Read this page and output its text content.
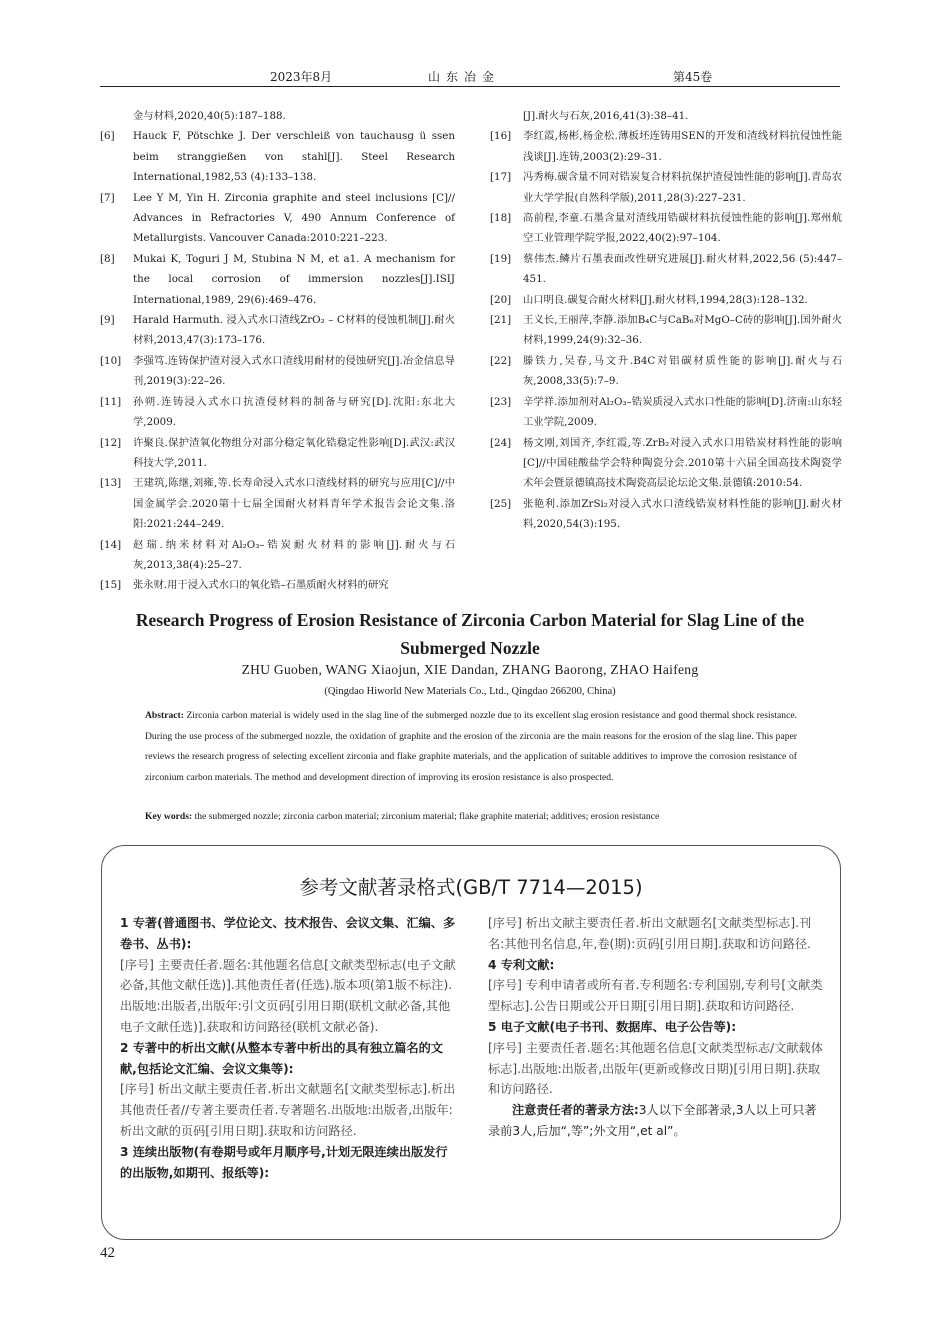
2023年8月	山东冶金	第45卷
金与材料,2020,40(5):187–188.
[6]	Hauck F, Pötschke J. Der verschleiß von tauchausg ü ssen beim stranggießen von stahl[J]. Steel Research International,1982,53 (4):133–138.
[7]	Lee Y M, Yin H. Zirconia graphite and steel inclusions [C]// Advances in Refractories V, 490 Annum Conference of Metallurgists. Vancouver Canada:2010:221–223.
[8]	Mukai K, Toguri J M, Stubina N M, et a1. A mechanism for the local corrosion of immersion nozzles[J].ISIJ International,1989, 29(6):469–476.
[9]	Harald Harmuth. 浸入式水口渣线ZrO₂ – C材料的侵蚀机制[J].耐火材料,2013,47(3):173–176.
[10]	李强笃.连铸保护渣对浸入式水口渣线用耐材的侵蚀研究[J].冶金信息导刊,2019(3):22–26.
[11]	孙朔.连铸浸入式水口抗渣侵材料的制备与研究[D].沈阳:东北大学,2009.
[12]	许聚良.保护渣氧化物组分对部分稳定氧化锆稳定性影响[D].武汉:武汉科技大学,2011.
[13]	王建筑,陈继,刘雍,等.长寿命浸入式水口渣线材料的研究与应用[C]//中国金属学会.2020第十七届全国耐火材料青年学术报告会论文集.洛阳:2021:244–249.
[14]	赵瑞.纳米材料对Al₂O₃–锆炭耐火材料的影响[J].耐火与石灰,2013,38(4):25–27.
[15]	张永财.用于浸入式水口的氧化锆–石墨质耐火材料的研究
[J].耐火与石灰,2016,41(3):38–41.
[16]	李红霞,杨彬,杨金松.薄板坯连铸用SEN的开发和渣线材料抗侵蚀性能浅谈[J].连铸,2003(2):29–31.
[17]	冯秀梅.碳含量不同对锆炭复合材料抗保护渣侵蚀性能的影响[J].青岛农业大学学报(自然科学版),2011,28(3):227–231.
[18]	高前程,李童.石墨含量对渣线用锆碳材料抗侵蚀性能的影响[J].郑州航空工业管理学院学报,2022,40(2):97–104.
[19]	蔡伟杰.鳞片石墨表面改性研究进展[J].耐火材料,2022,56 (5):447–451.
[20]	山口明良.碳复合耐火材料[J].耐火材料,1994,28(3):128–132.
[21]	王义长,王丽萍,李静.添加B₄C与CaB₆对MgO–C砖的影响[J].国外耐火材料,1999,24(9):32–36.
[22]	滕铁力,吴春,马文升.B4C对铝碳材质性能的影响[J].耐火与石灰,2008,33(5):7–9.
[23]	辛学祥.添加剂对Al₂O₃–锆炭质浸入式水口性能的影响[D].济南:山东轻工业学院,2009.
[24]	杨文刚,刘国齐,李红霞,等.ZrB₂对浸入式水口用锆炭材料性能的影响[C]//中国硅酸盐学会特种陶瓷分会.2010第十六届全国高技术陶瓷学术年会暨景德镇高技术陶瓷高层论坛论文集.景德镇:2010:54.
[25]	张艳利.添加ZrSi₂对浸入式水口渣线锆炭材料性能的影响[J].耐火材料,2020,54(3):195.
Research Progress of Erosion Resistance of Zirconia Carbon Material for Slag Line of the Submerged Nozzle
ZHU Guoben, WANG Xiaojun, XIE Dandan, ZHANG Baorong, ZHAO Haifeng
(Qingdao Hiworld New Materials Co., Ltd., Qingdao 266200, China)
Abstract: Zirconia carbon material is widely used in the slag line of the submerged nozzle due to its excellent slag erosion resistance and good thermal shock resistance. During the use process of the submerged nozzle, the oxidation of graphite and the erosion of the zirconia are the main reasons for the erosion of the slag line. This paper reviews the research progress of selecting excellent zirconia and flake graphite materials, and the application of suitable additives to improve the corrosion resistance of zirconium carbon materials. The method and development direction of improving its erosion resistance is also prospected.
Key words: the submerged nozzle; zirconia carbon material; zirconium material; flake graphite material; additives; erosion resistance
参考文献著录格式(GB/T 7714—2015)

1 专著(普通图书、学位论文、技术报告、会议文集、汇编、多卷书、丛书):

[序号] 主要责任者.题名:其他题名信息[文献类型标志(电子文献必备,其他文献任选)].其他责任者(任选).版本项(第1版不标注).出版地:出版者,出版年:引文页码[引用日期(联机文献必备,其他电子文献任选)].获取和访问路径(联机文献必备).

2 专著中的析出文献(从整本专著中析出的具有独立篇名的文献,包括论文汇编、会议文集等):

[序号] 析出文献主要责任者.析出文献题名[文献类型标志].析出其他责任者//专著主要责任者.专著题名.出版地:出版者,出版年:析出文献的页码[引用日期].获取和访问路径.

3 连续出版物(有卷期号或年月顺序号,计划无限连续出版发行的出版物,如期刊、报纸等):

[序号] 析出文献主要责任者.析出文献题名[文献类型标志].刊名:其他刊名信息,年,卷(期):页码[引用日期].获取和访问路径.

4 专利文献:

[序号] 专利申请者或所有者.专利题名:专利国别,专利号[文献类型标志].公告日期或公开日期[引用日期].获取和访问路径.

5 电子文献(电子书刊、数据库、电子公告等):

[序号] 主要责任者.题名:其他题名信息[文献类型标志/文献载体标志].出版地:出版者,出版年(更新或修改日期)[引用日期].获取和访问路径.

注意责任者的著录方法:3人以下全部著录,3人以上可只著录前3人,后加“,等”;外文用“,et al”。

42
